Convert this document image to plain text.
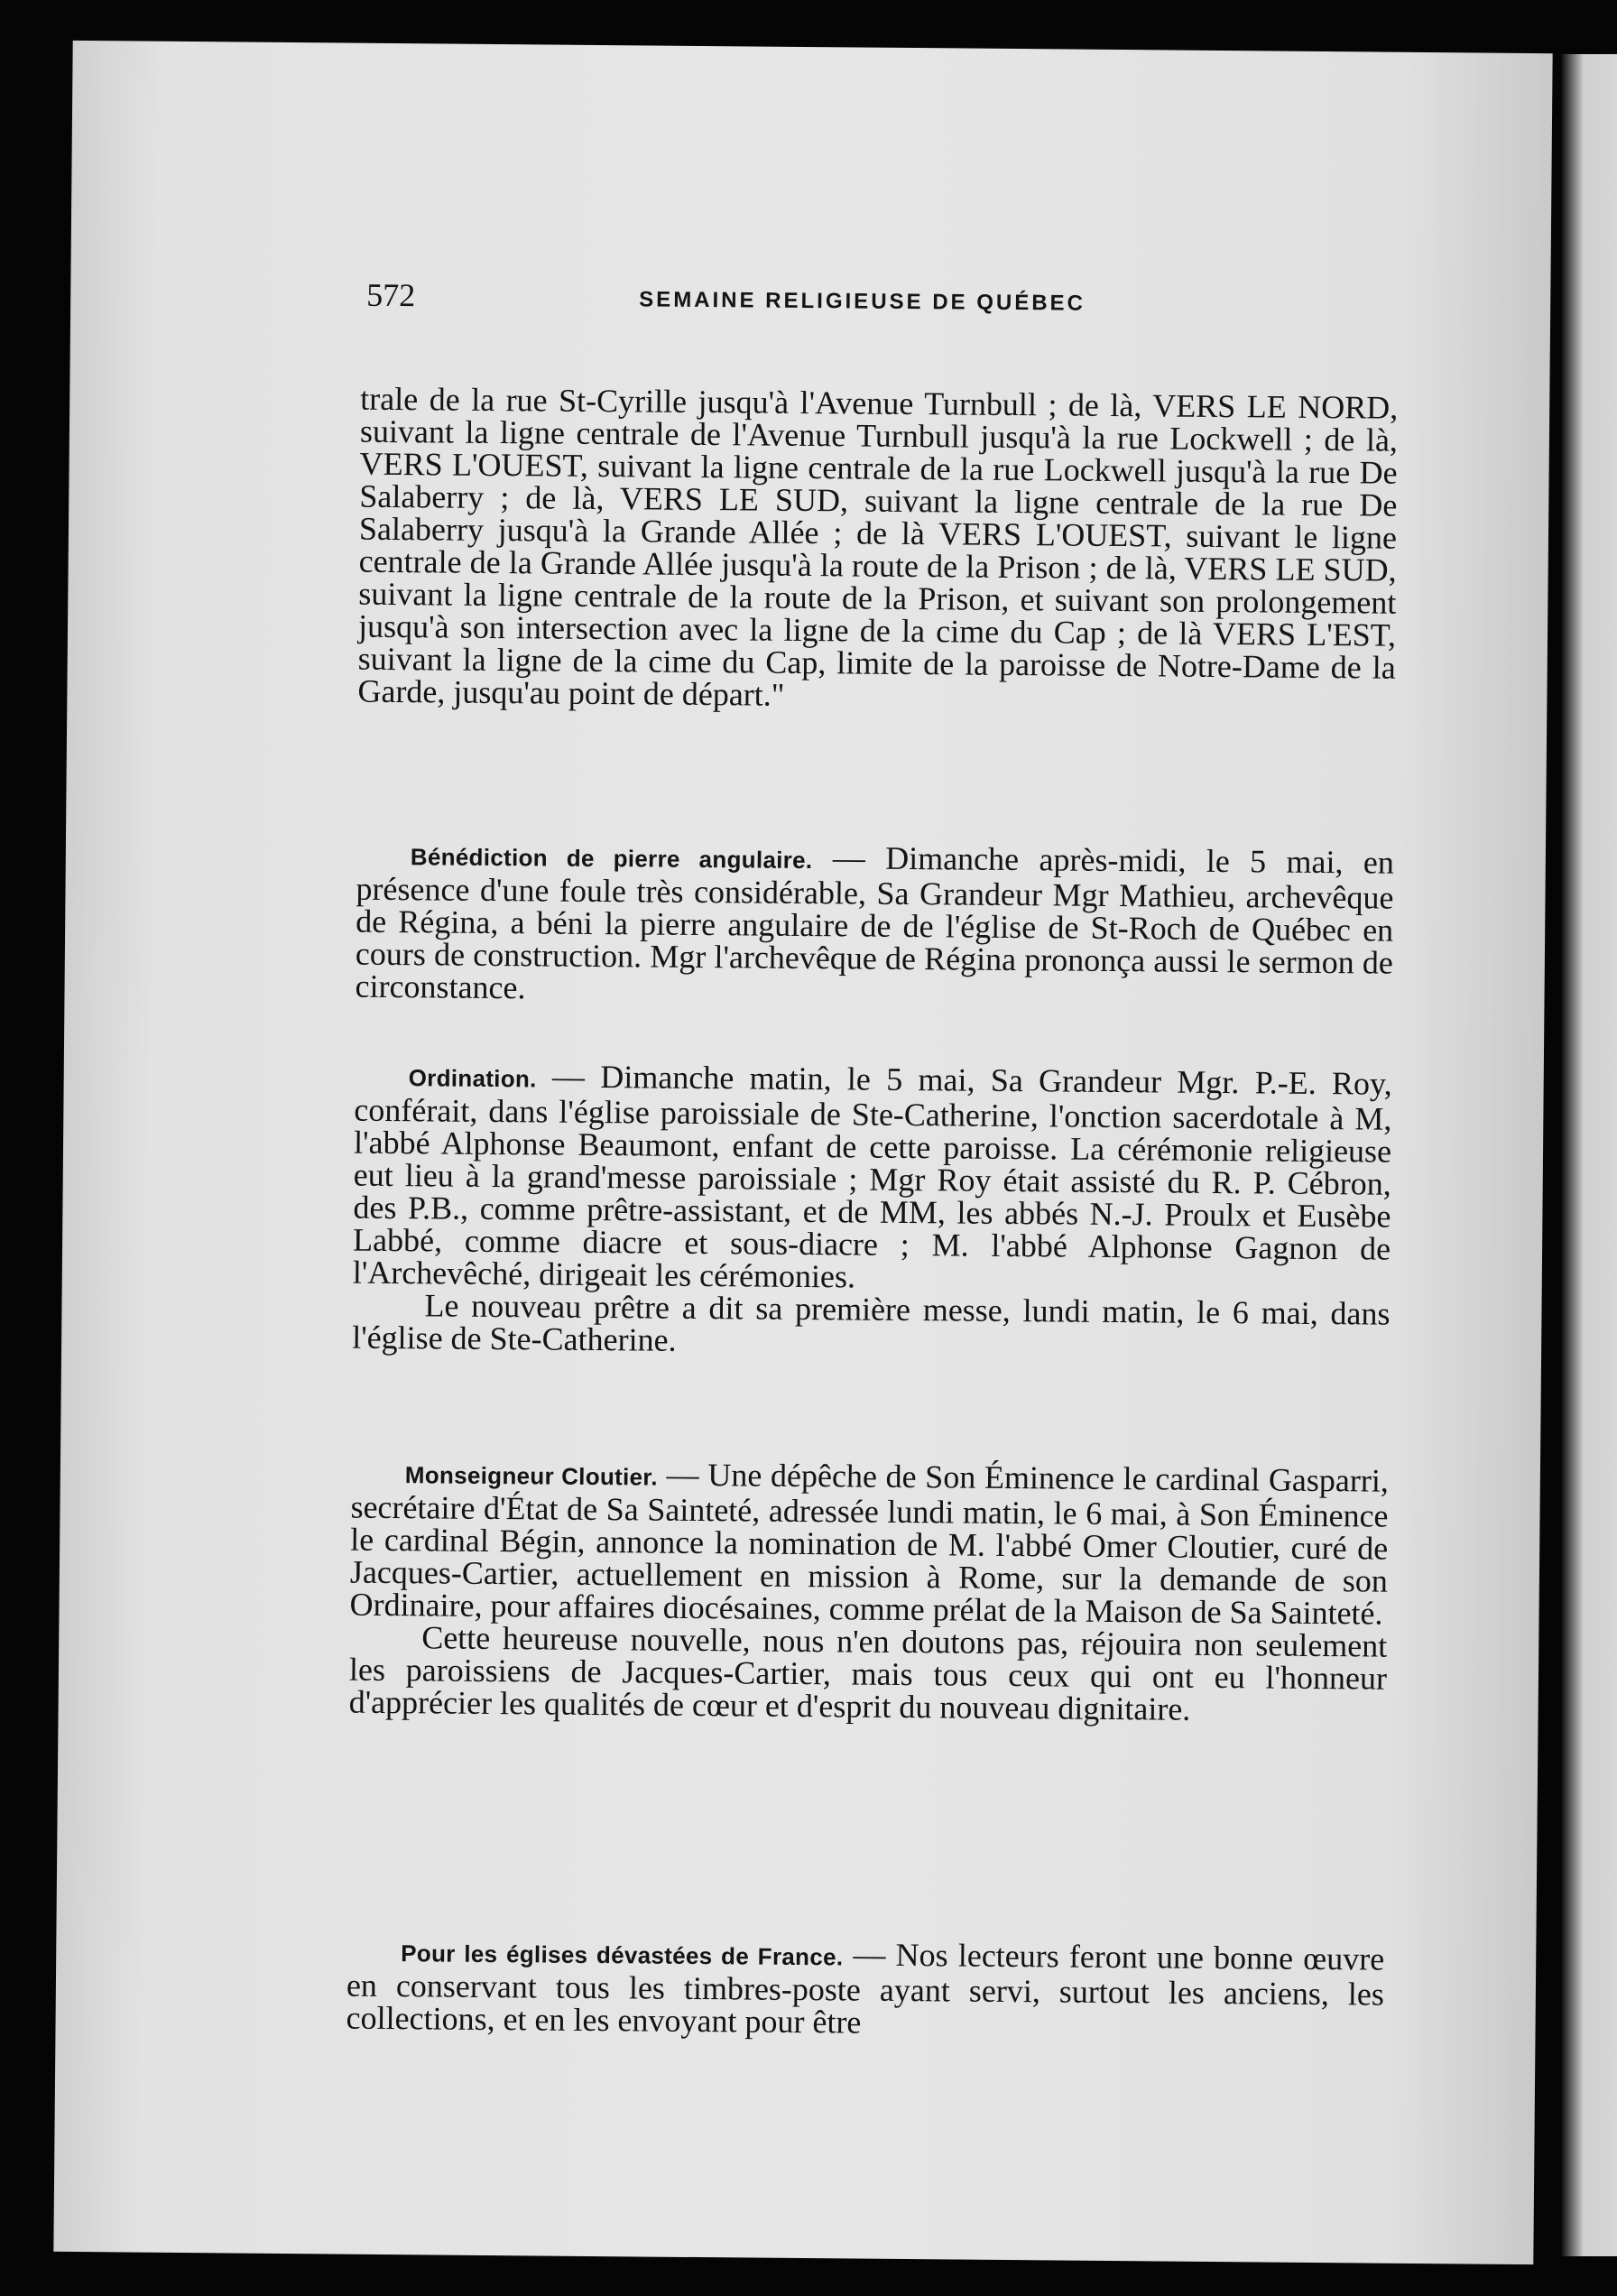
572	SEMAINE RELIGIEUSE DE QUÉBEC

trale de la rue St-Cyrille jusqu'à l'Avenue Turnbull ; de là, VERS LE NORD, suivant la ligne centrale de l'Avenue Turnbull jusqu'à la rue Lockwell ; de là, VERS L'OUEST, suivant la ligne centrale de la rue Lockwell jusqu'à la rue De Salaberry ; de là, VERS LE SUD, suivant la ligne centrale de la rue De Salaberry jusqu'à la Grande Allée ; de là VERS L'OUEST, suivant le ligne centrale de la Grande Allée jusqu'à la route de la Prison ; de là, VERS LE SUD, suivant la ligne centrale de la route de la Prison, et suivant son prolongement jusqu'à son intersection avec la ligne de la cime du Cap ; de là VERS L'EST, suivant la ligne de la cime du Cap, limite de la paroisse de Notre-Dame de la Garde, jusqu'au point de départ."

Bénédiction de pierre angulaire. — Dimanche après-midi, le 5 mai, en présence d'une foule très considérable, Sa Grandeur Mgr Mathieu, archevêque de Régina, a béni la pierre angulaire de de l'église de St-Roch de Québec en cours de construction. Mgr l'archevêque de Régina prononça aussi le sermon de circonstance.

Ordination. — Dimanche matin, le 5 mai, Sa Grandeur Mgr. P.-E. Roy, conférait, dans l'église paroissiale de Ste-Catherine, l'onction sacerdotale à M, l'abbé Alphonse Beaumont, enfant de cette paroisse. La cérémonie religieuse eut lieu à la grand'messe paroissiale ; Mgr Roy était assisté du R. P. Cébron, des P.B., comme prêtre-assistant, et de MM, les abbés N.-J. Proulx et Eusèbe Labbé, comme diacre et sous-diacre ; M. l'abbé Alphonse Gagnon de l'Archevêché, dirigeait les cérémonies.

Le nouveau prêtre a dit sa première messe, lundi matin, le 6 mai, dans l'église de Ste-Catherine.

Monseigneur Cloutier. — Une dépêche de Son Éminence le cardinal Gasparri, secrétaire d'État de Sa Sainteté, adressée lundi matin, le 6 mai, à Son Éminence le cardinal Bégin, annonce la nomination de M. l'abbé Omer Cloutier, curé de Jacques-Cartier, actuellement en mission à Rome, sur la demande de son Ordinaire, pour affaires diocésaines, comme prélat de la Maison de Sa Sainteté.

Cette heureuse nouvelle, nous n'en doutons pas, réjouira non seulement les paroissiens de Jacques-Cartier, mais tous ceux qui ont eu l'honneur d'apprécier les qualités de cœur et d'esprit du nouveau dignitaire.

Pour les églises dévastées de France. — Nos lecteurs feront une bonne œuvre en conservant tous les timbres-poste ayant servi, surtout les anciens, les collections, et en les envoyant pour être
